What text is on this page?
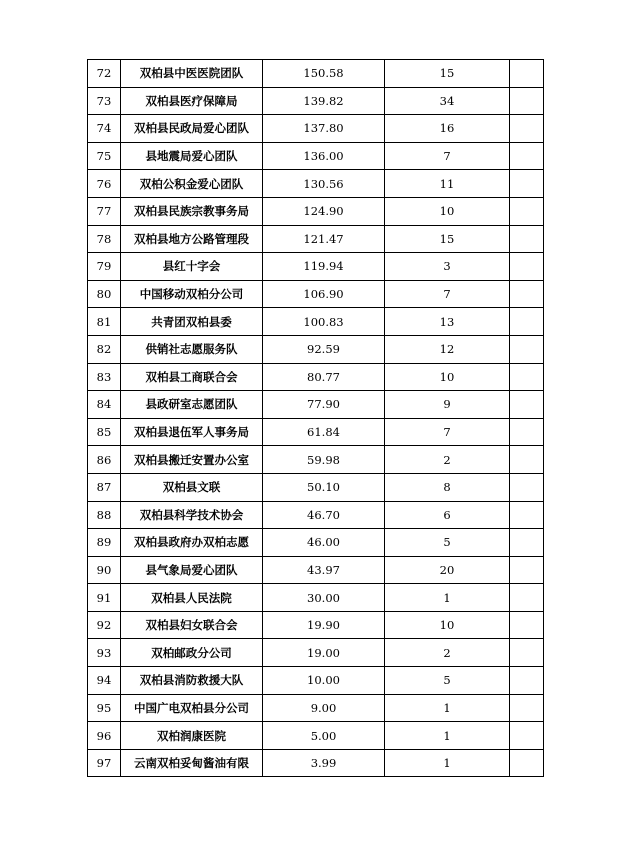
72	双柏县中医医院团队	150.58	15	
73	双柏县医疗保障局	139.82	34	
74	双柏县民政局爱心团队	137.80	16	
75	县地震局爱心团队	136.00	7	
76	双柏公积金爱心团队	130.56	11	
77	双柏县民族宗教事务局	124.90	10	
78	双柏县地方公路管理段	121.47	15	
79	县红十字会	119.94	3	
80	中国移动双柏分公司	106.90	7	
81	共青团双柏县委	100.83	13	
82	供销社志愿服务队	92.59	12	
83	双柏县工商联合会	80.77	10	
84	县政研室志愿团队	77.90	9	
85	双柏县退伍军人事务局	61.84	7	
86	双柏县搬迁安置办公室	59.98	2	
87	双柏县文联	50.10	8	
88	双柏县科学技术协会	46.70	6	
89	双柏县政府办双柏志愿	46.00	5	
90	县气象局爱心团队	43.97	20	
91	双柏县人民法院	30.00	1	
92	双柏县妇女联合会	19.90	10	
93	双柏邮政分公司	19.00	2	
94	双柏县消防救援大队	10.00	5	
95	中国广电双柏县分公司	9.00	1	
96	双柏润康医院	5.00	1	
97	云南双柏妥甸酱油有限	3.99	1	
